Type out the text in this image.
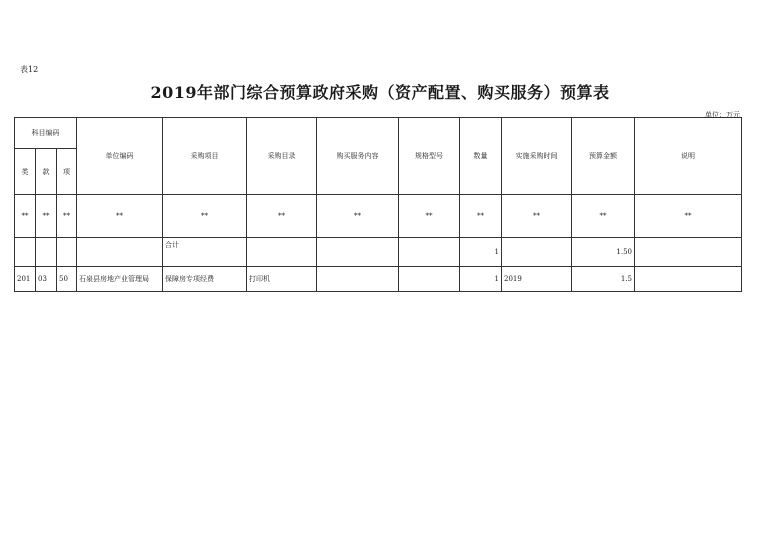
表12
2019年部门综合预算政府采购（资产配置、购买服务）预算表
单位：万元
科目编码			单位编码	采购项目	采购目录	购买服务内容	规格型号	数量	实施采购时间	预算金额	说明
类	款	项									
**	**	**	**	**	**	**	**	**	**	**	**
				合计				1		1.50	
201	03	50	石泉县房地产业管理局	保障房专项经费	打印机			1	2019	1.5	
